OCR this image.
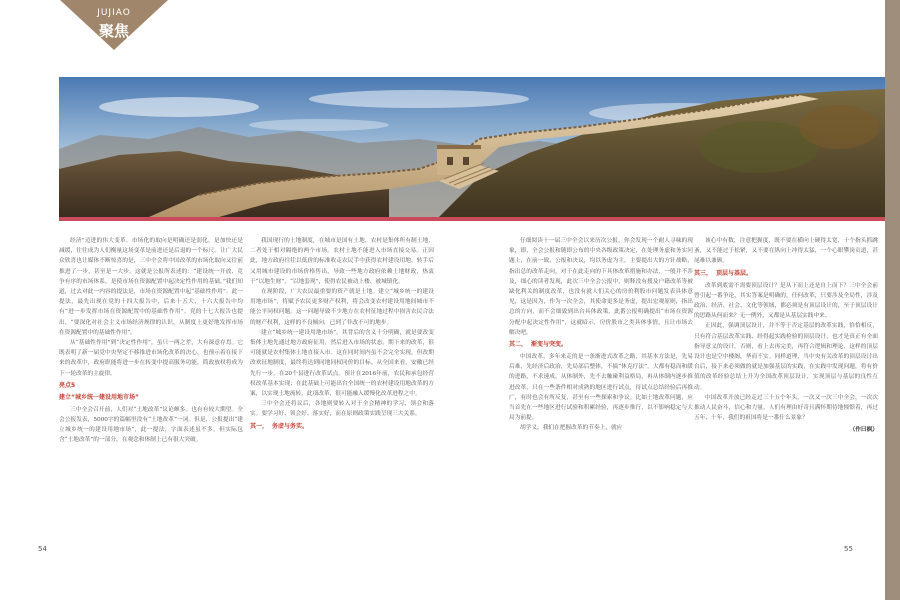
JUJIAO
聚焦

经济”迈进的伟大变革。市场化的取向是明确还是弱化，是加快还是减缓，往往成为人们衡量这场变革是前进还是后退的一个标尺。让广大民众欣喜也让媒体不断惊喜的是，三中全会将中国改革的市场化取向又往前推进了一步，甚至是一大步。这就是公报所表述的：“建设统一开放、竞争有序的市场体系，是使市场在资源配置中起决定性作用的基础。”我们知道，过去对此一内容的提法是，市场在资源配置中起“基础性作用”。此一提法，最先出现在党的十四大报告中，后来十五大、十六大报告中均有“进一步发挥市场在资源配置中的基础性作用”。党的十七大报告也提出，“要深化对社会主义市场经济规律的认识，从制度上更好地发挥市场在资源配置中的基础性作用”。

从“基础性作用”到“决定性作用”，虽只一两之差，大有深意存焉。它既表明了新一届党中央坚定不移推进市场化改革的决心，也预示着在接下来的改革中，政府职能将进一步在转变中提高服务功能，简政放权将成为下一轮改革的主旋律。

亮点5
建立“城乡统一建设用地市场”

三中全会召开前，人们对“土地改革”议论颇多。也有有较大期望。全会公报发表，5000字的篇幅里没有“土地改革”一词。但是，公报提出“建立城乡统一的建设用地市场”，此一提法，字面表述虽不多，但实际包含“土地改革”的一部分，在观念和体制上已有很大突破。

我国现行的土地制度，在城市是国有土地，农村是集体所有制土地，二者处于相对隔绝的两个市场。农村土地不能进入市场直接交易。正因此，地方政府往往以低价的标准收走农民手中获得农村建设用地，转手后又用城市建设的市场价格售出，导致一些地方政府依赖土地财政，热衷于“以地生财”，“以地套现”，使得农民被动上楼、被城镇化。

在现阶段，广大农民最重要的资产就是土地。建立“城乡统一的建设用地市场”，将赋予农民更多财产权利，将会改变农村建设用地间城市不能公平同权问题。这一问题导致不少地方在农村征地过程中损害农民合法的财产权利，这样的不良倾向，已到了非改不可的地步。

建立“城乡统一建设用地市场”，其背后的含义十分明确，就是要改变集体土地先通过地方政府征用，然后进入市场的状态。期下来的改革，很可能就是农村集体土地直接入市。这在同时间内虽不会完全实现，但改期改欢征地制度，最终将达到同地同权同价的目标。从全国来看，安徽已经先行一步，在20个县进行改革试点。预计在2016年前，农民和承包经营权改革基本实现；在此基础上可能出台全国统一的农村建设用地改革的方案，以实现土地流转，此项改革，很可能融入缓慢化改革进程之中。

三中全会还将议后，各地则要转入对于全会精神的学习、领会和落实。要学习好、领会好、落实好，而在原则政策实践呈现三大关系。

其一， 务虚与务实。

仔细阅读十一届三中全会以来历次公报，你会发现一个耐人寻味的现象，即，全会公报和随即公布的中央各级政策决定，在处理务虚和务实问题上，在前一致，公报和决议，均以务虚为主，主要提出大的方针战略，指出总的改革走向，对于在此走向的下具体改革措施和办法，一般并不涉及，细心的读者发现，此次三中全会公报中，则释没有援及户籍改革等被缺化利关的制度改革，也没有就人们关心的房价利股市问题发表具体意见，这是因为，作为一次全会，其使命更多是务虚，提出宏观原则，指出总的方向，而不会细致到出台具体政策，此番公报明确提出“市场在资源分配中起决定性作用”，这就暗示，房价股市之类具体事情，且让市场去解决吧。

其二， 渐变与突变。

中国改革，多年来走的是一条渐进式改革之路，其基本方法是，先易后难，先经济后政治，先局部后整体，不搞“休克疗法”。大都有稳而和缓的进路，不求速成，从体制外，先不去触碰利益格局，再从体制内逐步推进改革，只在一些条件相对成熟的地区进行试点，待试点总结经验后再推广，有时也会有所反复，甚至有一些探索和争议。比如土地改革问题，应当首先在一些地区进行试验和积累经验，再逐步推行，以不影响稳定与大局为前提。

胡学义，我们在把握改革的节奏上，就应

该心中有数，注意把握度，既不要在横向上硬得太宽，十个指头抓跳蚤，又不能过于松紧，又不要在纵向上冲得太猛，一个心眼攀岗贡道，甚尾难以兼顾。

其三， 顶层与基层。

改革到底需不需要顶层设计？是从下而上还是自上而下？三中全会前曾引起一番争论，其实答案是明确的，任何改革，只要涉及全局性，涉及政治、经济、社会、文化等领域，都必须是有顶层设计的，至于顶层设计的思路从何而来？无一例外，又都是从基层实践中来。

正因此，强调顶层设计，并不等于否定基层的改革实践，恰恰相反，只有符合基层改革实践、经得起实践检验的顶层设计，也才是真正有全面指导意义的设计。否则，看上去再完美，再符合逻辑和理论，这样的顶层设计也是空中楼阁，华而不实。同样道理，当中央有关改革的顶层设计出台后，接下来必须做的就是加强基层的实践，在实践中发现问题，将有价值的改革经验总结上升为全国改革顶层设计，实现顶层与基层的良性互动。

中国改革开放已经走过三十五个年头，一次又一次三中全会，一次次推动人民奋斗，信心和力量。人们有理由好奇且满怀期待地憧憬着，再过五年、十年，我们的祖国将是一番什么景象？

（作曰枫）
54	55
